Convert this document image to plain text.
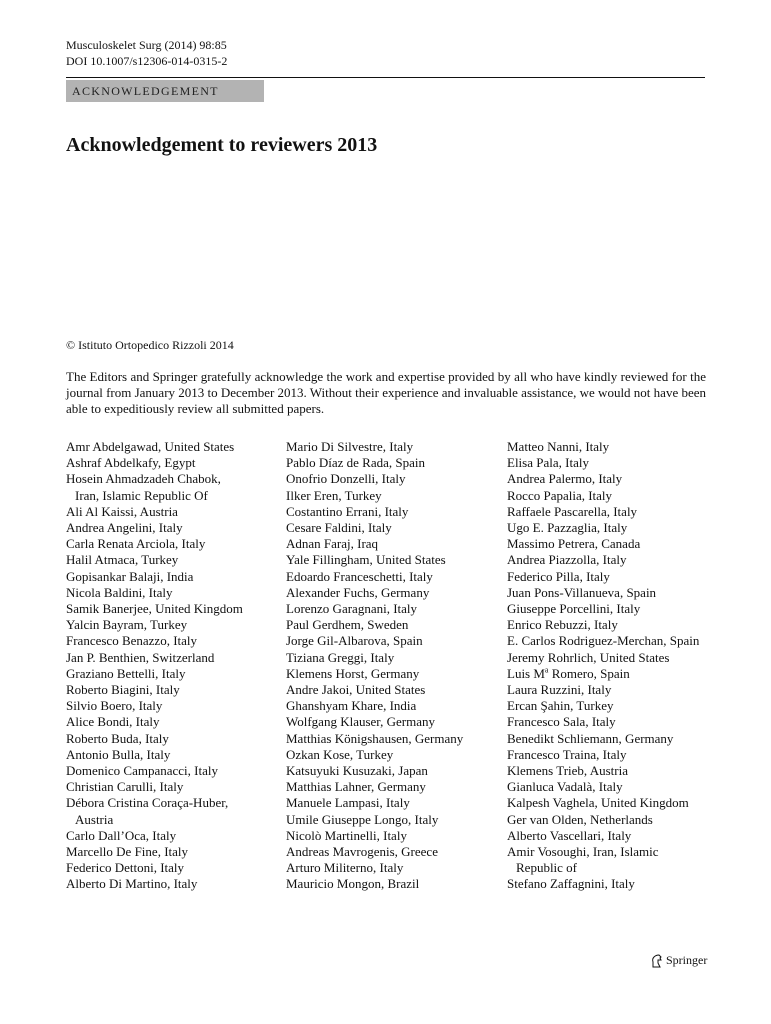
Musculoskelet Surg (2014) 98:85
DOI 10.1007/s12306-014-0315-2
ACKNOWLEDGEMENT
Acknowledgement to reviewers 2013
© Istituto Ortopedico Rizzoli 2014

The Editors and Springer gratefully acknowledge the work and expertise provided by all who have kindly reviewed for the journal from January 2013 to December 2013. Without their experience and invaluable assistance, we would not have been able to expeditiously review all submitted papers.

Amr Abdelgawad, United States
Ashraf Abdelkafy, Egypt
Hosein Ahmadzadeh Chabok,
Iran, Islamic Republic Of
Ali Al Kaissi, Austria
Andrea Angelini, Italy
Carla Renata Arciola, Italy
Halil Atmaca, Turkey
Gopisankar Balaji, India
Nicola Baldini, Italy
Samik Banerjee, United Kingdom
Yalcin Bayram, Turkey
Francesco Benazzo, Italy
Jan P. Benthien, Switzerland
Graziano Bettelli, Italy
Roberto Biagini, Italy
Silvio Boero, Italy
Alice Bondi, Italy
Roberto Buda, Italy
Antonio Bulla, Italy
Domenico Campanacci, Italy
Christian Carulli, Italy
Débora Cristina Coraça-Huber,
Austria
Carlo Dall’Oca, Italy
Marcello De Fine, Italy
Federico Dettoni, Italy
Alberto Di Martino, Italy
Mario Di Silvestre, Italy
Pablo Díaz de Rada, Spain
Onofrio Donzelli, Italy
Ilker Eren, Turkey
Costantino Errani, Italy
Cesare Faldini, Italy
Adnan Faraj, Iraq
Yale Fillingham, United States
Edoardo Franceschetti, Italy
Alexander Fuchs, Germany
Lorenzo Garagnani, Italy
Paul Gerdhem, Sweden
Jorge Gil-Albarova, Spain
Tiziana Greggi, Italy
Klemens Horst, Germany
Andre Jakoi, United States
Ghanshyam Khare, India
Wolfgang Klauser, Germany
Matthias Königshausen, Germany
Ozkan Kose, Turkey
Katsuyuki Kusuzaki, Japan
Matthias Lahner, Germany
Manuele Lampasi, Italy
Umile Giuseppe Longo, Italy
Nicolò Martinelli, Italy
Andreas Mavrogenis, Greece
Arturo Militerno, Italy
Mauricio Mongon, Brazil
Matteo Nanni, Italy
Elisa Pala, Italy
Andrea Palermo, Italy
Rocco Papalia, Italy
Raffaele Pascarella, Italy
Ugo E. Pazzaglia, Italy
Massimo Petrera, Canada
Andrea Piazzolla, Italy
Federico Pilla, Italy
Juan Pons-Villanueva, Spain
Giuseppe Porcellini, Italy
Enrico Rebuzzi, Italy
E. Carlos Rodriguez-Merchan, Spain
Jeremy Rohrlich, United States
Luis $M^a$ Romero, Spain
Laura Ruzzini, Italy
Ercan Şahin, Turkey
Francesco Sala, Italy
Benedikt Schliemann, Germany
Francesco Traina, Italy
Klemens Trieb, Austria
Gianluca Vadalà, Italy
Kalpesh Vaghela, United Kingdom
Ger van Olden, Netherlands
Alberto Vascellari, Italy
Amir Vosoughi, Iran, Islamic
Republic of
Stefano Zaffagnini, Italy
Springer
